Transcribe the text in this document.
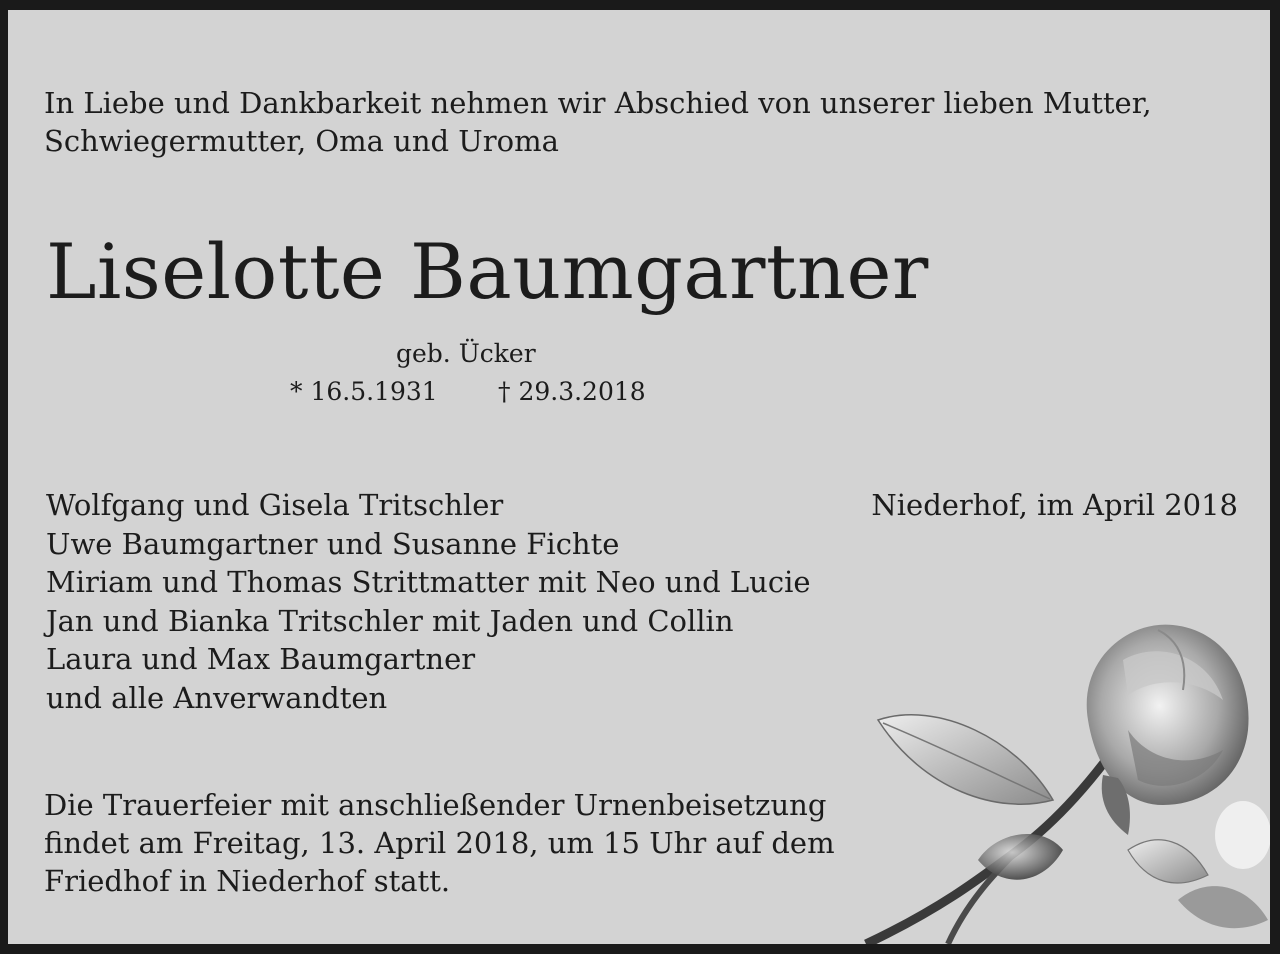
In Liebe und Dankbarkeit nehmen wir Abschied von unserer lieben Mutter,
Schwiegermutter, Oma und Uroma
Liselotte Baumgartner
geb. Ücker
* 16.5.1931 † 29.3.2018
Niederhof, im April 2018
Wolfgang und Gisela Tritschler
Uwe Baumgartner und Susanne Fichte
Miriam und Thomas Strittmatter mit Neo und Lucie
Jan und Bianka Tritschler mit Jaden und Collin
Laura und Max Baumgartner
und alle Anverwandten
Die Trauerfeier mit anschließender Urnenbeisetzung
findet am Freitag, 13. April 2018, um 15 Uhr auf dem
Friedhof in Niederhof statt.
